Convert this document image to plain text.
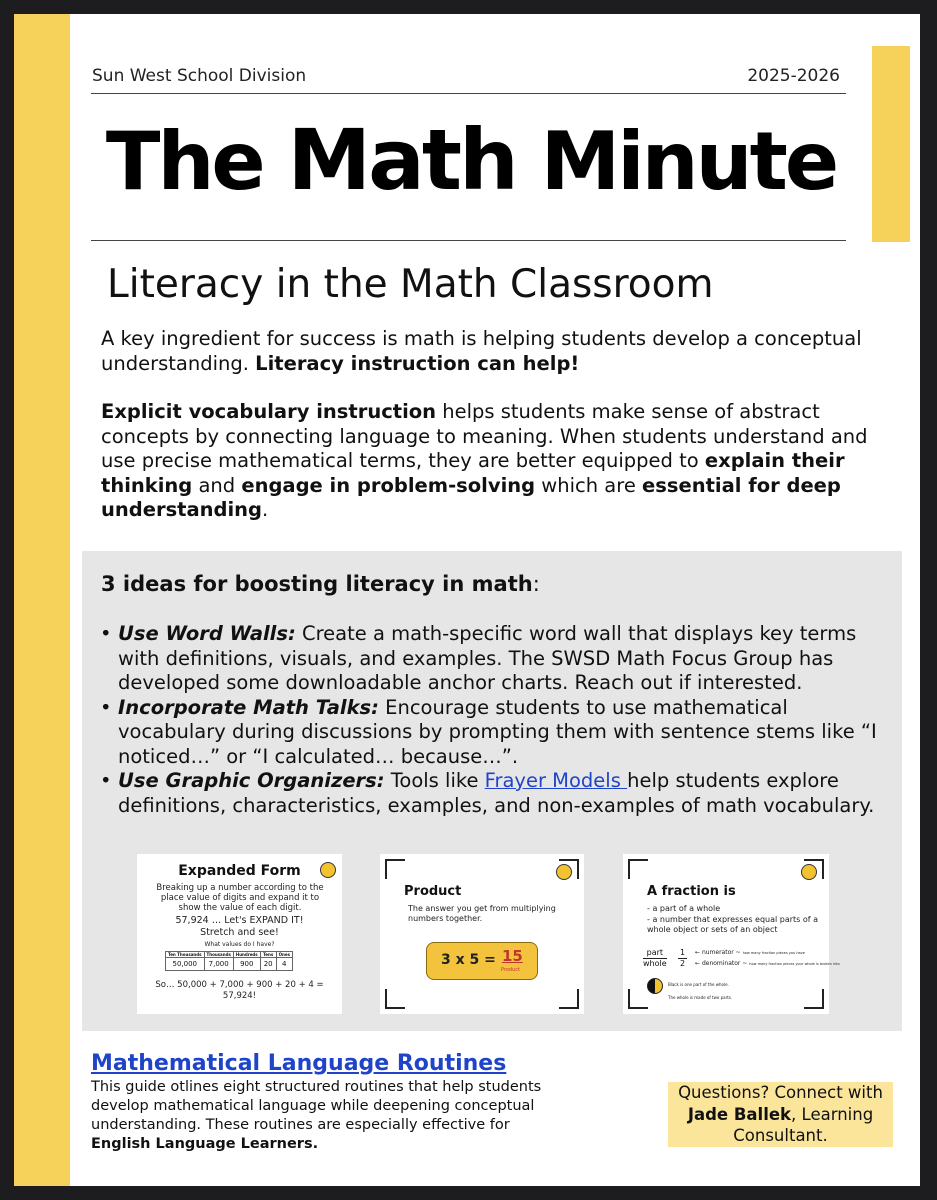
Sun West School Division	2025-2026
The Math Minute
Literacy in the Math Classroom
A key ingredient for success is math is helping students develop a conceptual understanding. Literacy instruction can help!
Explicit vocabulary instruction helps students make sense of abstract concepts by connecting language to meaning. When students understand and use precise mathematical terms, they are better equipped to explain their thinking and engage in problem-solving which are essential for deep understanding.
3 ideas for boosting literacy in math:
• Use Word Walls: Create a math-specific word wall that displays key terms with definitions, visuals, and examples. The SWSD Math Focus Group has developed some downloadable anchor charts. Reach out if interested.
• Incorporate Math Talks: Encourage students to use mathematical vocabulary during discussions by prompting them with sentence stems like “I noticed…” or “I calculated… because…”.
• Use Graphic Organizers: Tools like Frayer Models help students explore definitions, characteristics, examples, and non-examples of math vocabulary.
Expanded Form
Breaking up a number according to the place value of digits and expand it to show the value of each digit.
57,924 … Let's EXPAND IT!
Stretch and see!
What values do I have?
Ten Thousands	Thousands	Hundreds	Tens	Ones
50,000	7,000	900	20	4
So… 50,000 + 7,000 + 900 + 20 + 4 =
57,924!
Product
The answer you get from multiplying numbers together.
3 x 5 = 15
Product
A fraction is
- a part of a whole
- a number that expresses equal parts of a whole object or sets of an object
part
whole $\frac{1}{2}$ ← numerator ~ how many fraction pieces you have
← denominator ~ how many fraction pieces your whole is broken into
Black is one part of the whole.
The whole is made of two parts.
Mathematical Language Routines
This guide otlines eight structured routines that help students develop mathematical language while deepening conceptual understanding. These routines are especially effective for English Language Learners.
Questions? Connect with
Jade Ballek, Learning Consultant.
